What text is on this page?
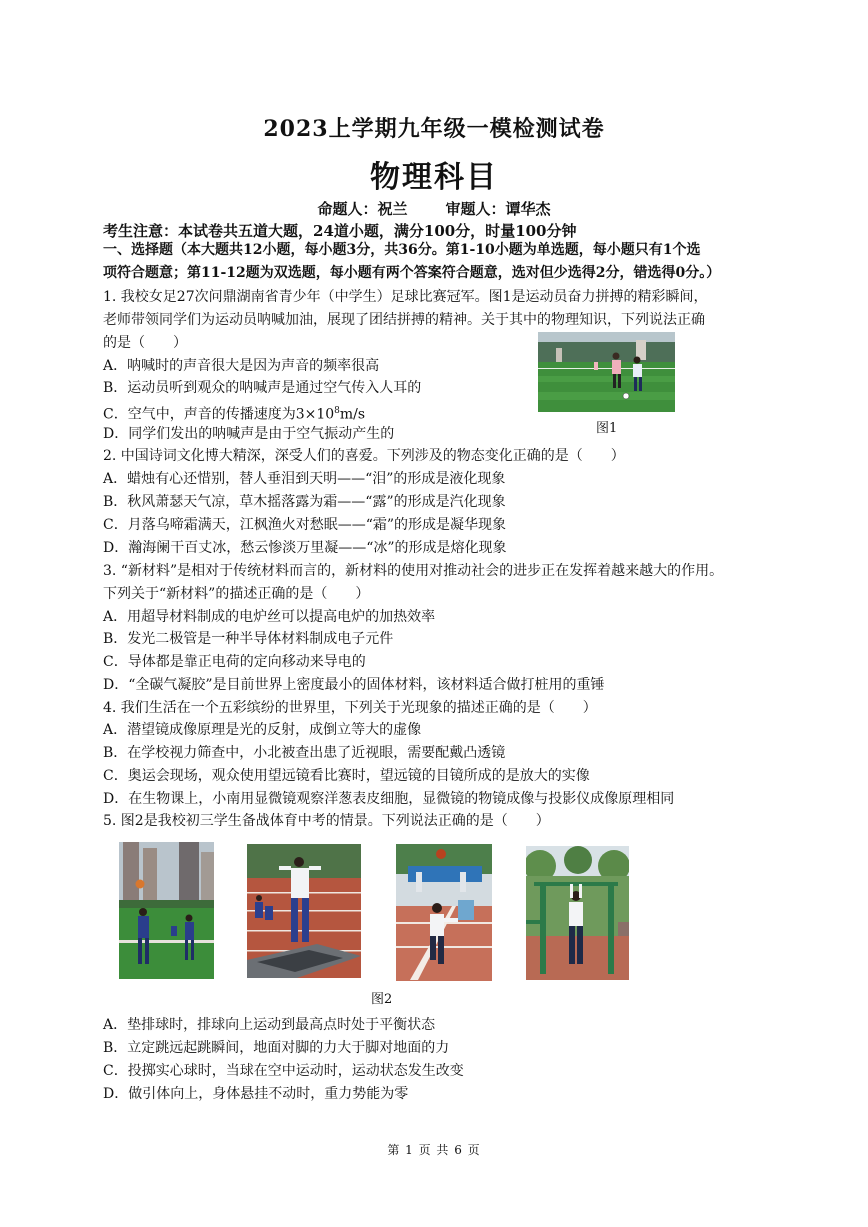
2023上学期九年级一模检测试卷
物理科目
命题人：祝兰	审题人：谭华杰
考生注意：本试卷共五道大题，24道小题，满分100分，时量100分钟
一、选择题（本大题共12小题，每小题3分，共36分。第1-10小题为单选题，每小题只有1个选
项符合题意；第11-12题为双选题，每小题有两个答案符合题意，选对但少选得2分，错选得0分。）
1. 我校女足27次问鼎湖南省青少年（中学生）足球比赛冠军。图1是运动员奋力拼搏的精彩瞬间，
老师带领同学们为运动员呐喊加油，展现了团结拼搏的精神。关于其中的物理知识，下列说法正确
的是（　　）
A．呐喊时的声音很大是因为声音的频率很高
B．运动员听到观众的呐喊声是通过空气传入人耳的
C．空气中，声音的传播速度为$3\times 10^8m/s$
D．同学们发出的呐喊声是由于空气振动产生的	图1
2. 中国诗词文化博大精深，深受人们的喜爱。下列涉及的物态变化正确的是（　　）
A．蜡烛有心还惜别，替人垂泪到天明——“泪”的形成是液化现象
B．秋风萧瑟天气凉，草木摇落露为霜——“露”的形成是汽化现象
C．月落乌啼霜满天，江枫渔火对愁眠——“霜”的形成是凝华现象
D．瀚海阑干百丈冰，愁云惨淡万里凝——“冰”的形成是熔化现象
3. “新材料”是相对于传统材料而言的，新材料的使用对推动社会的进步正在发挥着越来越大的作用。
下列关于“新材料”的描述正确的是（　　）
A．用超导材料制成的电炉丝可以提高电炉的加热效率
B．发光二极管是一种半导体材料制成电子元件
C．导体都是靠正电荷的定向移动来导电的
D．“全碳气凝胶”是目前世界上密度最小的固体材料，该材料适合做打桩用的重锤
4. 我们生活在一个五彩缤纷的世界里，下列关于光现象的描述正确的是（　　）
A．潜望镜成像原理是光的反射，成倒立等大的虚像
B．在学校视力筛查中，小北被查出患了近视眼，需要配戴凸透镜
C．奥运会现场，观众使用望远镜看比赛时，望远镜的目镜所成的是放大的实像
D．在生物课上，小南用显微镜观察洋葱表皮细胞，显微镜的物镜成像与投影仪成像原理相同
5. 图2是我校初三学生备战体育中考的情景。下列说法正确的是（　　）
图2
A．垫排球时，排球向上运动到最高点时处于平衡状态
B．立定跳远起跳瞬间，地面对脚的力大于脚对地面的力
C．投掷实心球时，当球在空中运动时，运动状态发生改变
D．做引体向上，身体悬挂不动时，重力势能为零
第 1 页 共 6 页
